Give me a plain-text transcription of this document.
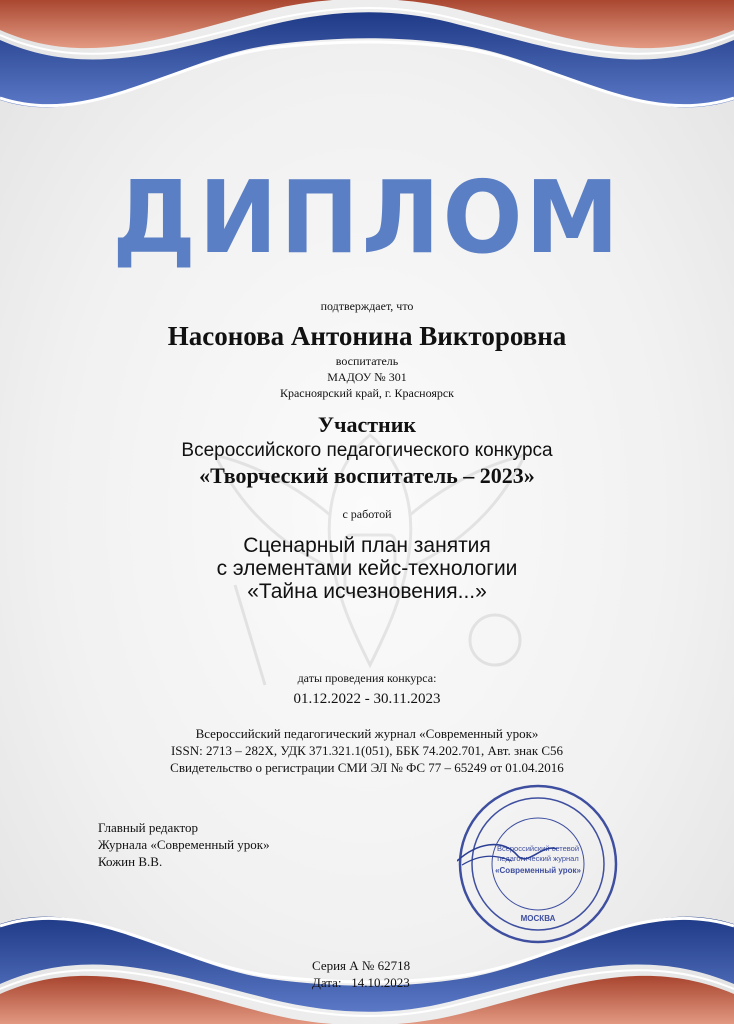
ДИПЛОМ
подтверждает, что
Насонова Антонина Викторовна
воспитатель
МАДОУ № 301
Красноярский край, г. Красноярск
Участник
Всероссийского педагогического конкурса
«Творческий воспитатель – 2023»
с работой
Сценарный план занятия
с элементами кейс-технологии
«Тайна исчезновения...»
даты проведения конкурса:
01.12.2022 - 30.11.2023
Всероссийский педагогический журнал «Современный урок»
ISSN: 2713 – 282X, УДК 371.321.1(051), ББК 74.202.701, Авт. знак С56
Свидетельство о регистрации СМИ ЭЛ № ФС 77 – 65249 от 01.04.2016
Главный редактор
Журнала «Современный урок»
Кожин В.В.
Всероссийский сетевой
педагогический журнал
«Современный урок»
МОСКВА
Серия А № 62718
Дата:   14.10.2023
